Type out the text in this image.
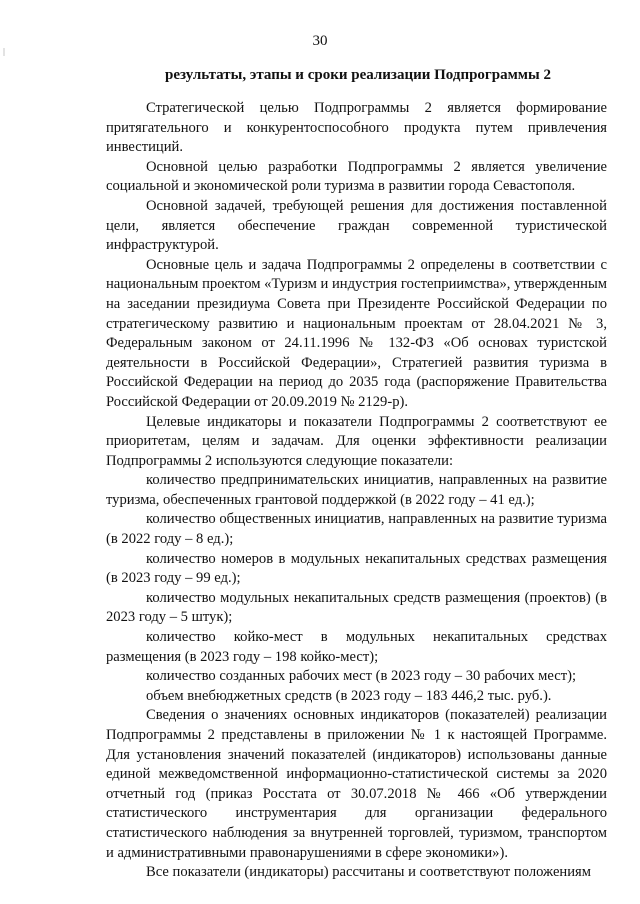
30
результаты, этапы и сроки реализации Подпрограммы 2

Стратегической целью Подпрограммы 2 является формирование притягательного и конкурентоспособного продукта путем привлечения инвестиций.

Основной целью разработки Подпрограммы 2 является увеличение социальной и экономической роли туризма в развитии города Севастополя.

Основной задачей, требующей решения для достижения поставленной цели, является обеспечение граждан современной туристической инфраструктурой.

Основные цель и задача Подпрограммы 2 определены в соответствии с национальным проектом «Туризм и индустрия гостеприимства», утвержденным на заседании президиума Совета при Президенте Российской Федерации по стратегическому развитию и национальным проектам от 28.04.2021 № 3, Федеральным законом от 24.11.1996 № 132-ФЗ «Об основах туристской деятельности в Российской Федерации», Стратегией развития туризма в Российской Федерации на период до 2035 года (распоряжение Правительства Российской Федерации от 20.09.2019 № 2129-р).

Целевые индикаторы и показатели Подпрограммы 2 соответствуют ее приоритетам, целям и задачам. Для оценки эффективности реализации Подпрограммы 2 используются следующие показатели:

количество предпринимательских инициатив, направленных на развитие туризма, обеспеченных грантовой поддержкой (в 2022 году – 41 ед.);

количество общественных инициатив, направленных на развитие туризма (в 2022 году – 8 ед.);

количество номеров в модульных некапитальных средствах размещения (в 2023 году – 99 ед.);

количество модульных некапитальных средств размещения (проектов) (в 2023 году – 5 штук);

количество койко-мест в модульных некапитальных средствах размещения (в 2023 году – 198 койко-мест);

количество созданных рабочих мест (в 2023 году – 30 рабочих мест);

объем внебюджетных средств (в 2023 году – 183 446,2 тыс. руб.).

Сведения о значениях основных индикаторов (показателей) реализации Подпрограммы 2 представлены в приложении № 1 к настоящей Программе. Для установления значений показателей (индикаторов) использованы данные единой межведомственной информационно-статистической системы за 2020 отчетный год (приказ Росстата от 30.07.2018 № 466 «Об утверждении статистического инструментария для организации федерального статистического наблюдения за внутренней торговлей, туризмом, транспортом и административными правонарушениями в сфере экономики»).

Все показатели (индикаторы) рассчитаны и соответствуют положениям
